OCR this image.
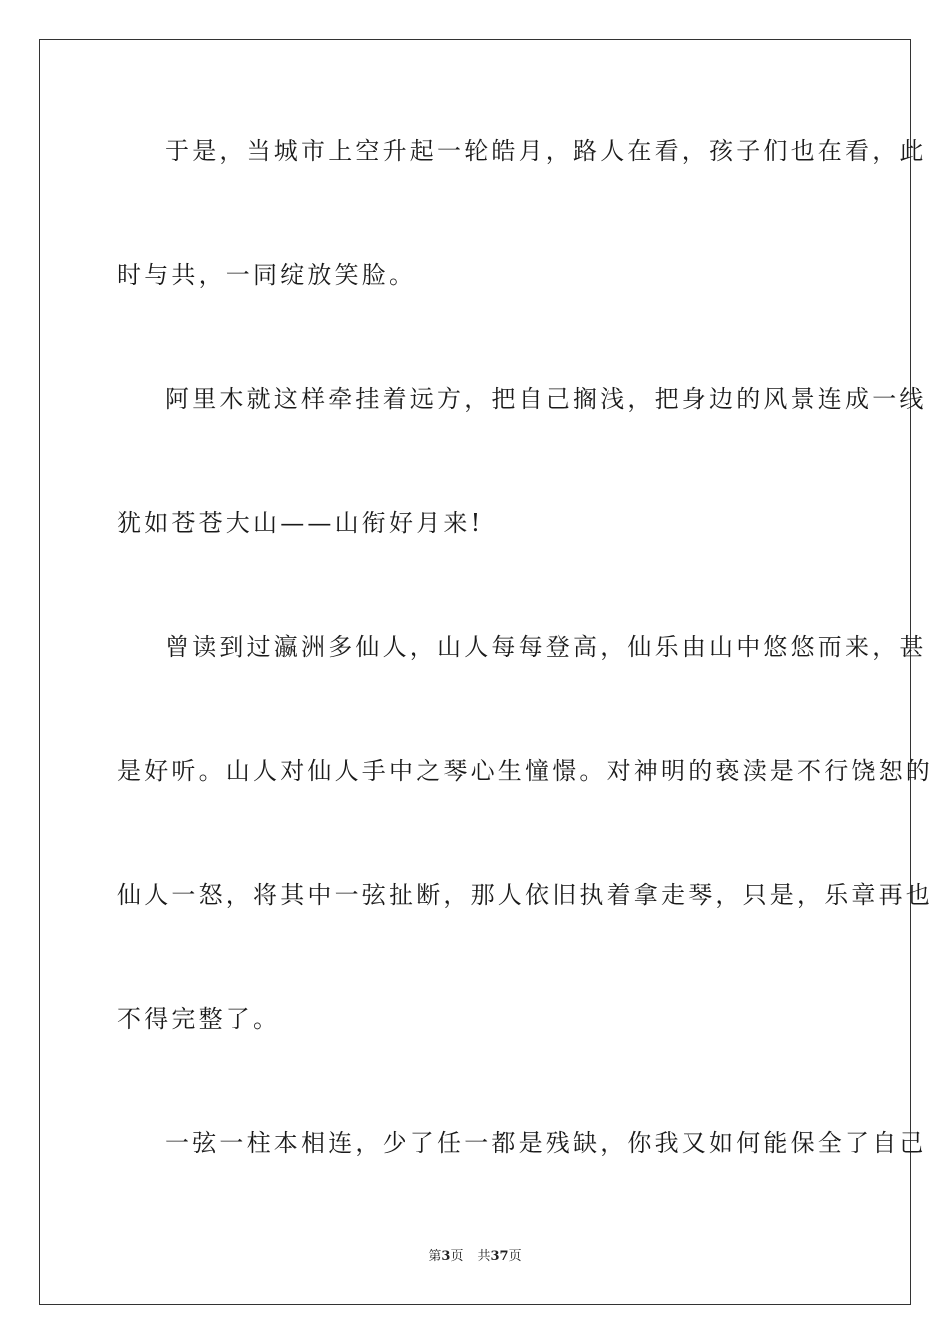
于是，当城市上空升起一轮皓月，路人在看，孩子们也在看，此
时与共，一同绽放笑脸。
阿里木就这样牵挂着远方，把自己搁浅，把身边的风景连成一线
犹如苍苍大山——山衔好月来!
曾读到过瀛洲多仙人，山人每每登高，仙乐由山中悠悠而来，甚
是好听。山人对仙人手中之琴心生憧憬。对神明的亵渎是不行饶恕的
仙人一怒，将其中一弦扯断，那人依旧执着拿走琴，只是，乐章再也
不得完整了。
一弦一柱本相连，少了任一都是残缺，你我又如何能保全了自己
第3页 共37页
